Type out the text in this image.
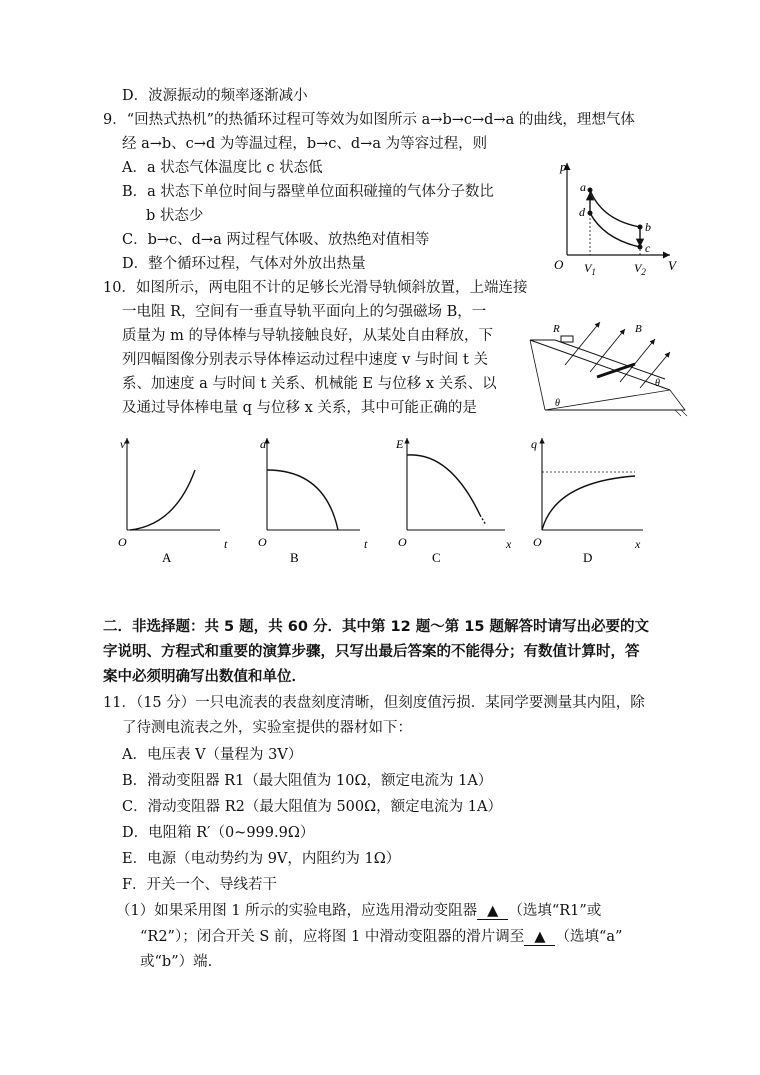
D．波源振动的频率逐渐减小
9．“回热式热机”的热循环过程可等效为如图所示 a→b→c→d→a 的曲线，理想气体
经 a→b、c→d 为等温过程，b→c、d→a 为等容过程，则
A．a 状态气体温度比 c 状态低
B．a 状态下单位时间与器壁单位面积碰撞的气体分子数比
b 状态少
C．b→c、d→a 两过程气体吸、放热绝对值相等
D．整个循环过程，气体对外放出热量
p
V
O
a
b
c
d
$V_1$	$V_2$
10．如图所示，两电阻不计的足够长光滑导轨倾斜放置，上端连接
一电阻 R，空间有一垂直导轨平面向上的匀强磁场 B，一
质量为 m 的导体棒与导轨接触良好，从某处自由释放，下
列四幅图像分别表示导体棒运动过程中速度 v 与时间 t 关
系、加速度 a 与时间 t 关系、机械能 E 与位移 x 关系、以
及通过导体棒电量 q 与位移 x 关系，其中可能正确的是
R	B
θ
θ
v
O	t
A
a
O	t
B
E
O	x
C
q
O	x
D
二．非选择题：共 5 题，共 60 分．其中第 12 题～第 15 题解答时请写出必要的文
字说明、方程式和重要的演算步骤，只写出最后答案的不能得分；有数值计算时，答
案中必须明确写出数值和单位．
11．（15 分）一只电流表的表盘刻度清晰，但刻度值污损．某同学要测量其内阻，除
了待测电流表之外，实验室提供的器材如下：
A．电压表 V（量程为 3V）
B．滑动变阻器 R1（最大阻值为 10Ω，额定电流为 1A）
C．滑动变阻器 R2（最大阻值为 500Ω，额定电流为 1A）
D．电阻箱 R′（0~999.9Ω）
E．电源（电动势约为 9V，内阻约为 1Ω）
F．开关一个、导线若干
（1）如果采用图 1 所示的实验电路，应选用滑动变阻器 ▲ （选填“R1”或
“R2”）；闭合开关 S 前，应将图 1 中滑动变阻器的滑片调至 ▲ （选填“a”
或“b”）端.
